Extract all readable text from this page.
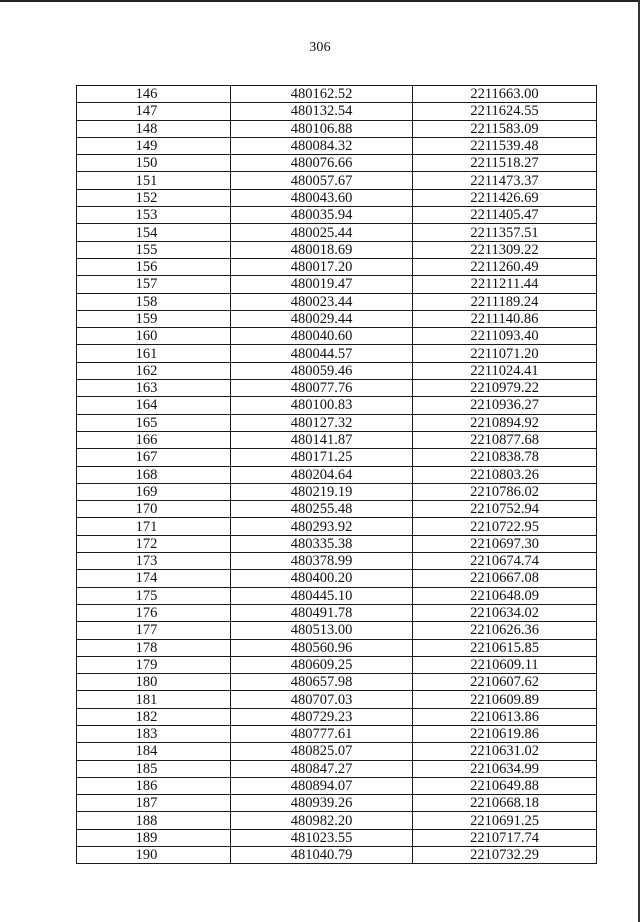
306
146	480162.52	2211663.00
147	480132.54	2211624.55
148	480106.88	2211583.09
149	480084.32	2211539.48
150	480076.66	2211518.27
151	480057.67	2211473.37
152	480043.60	2211426.69
153	480035.94	2211405.47
154	480025.44	2211357.51
155	480018.69	2211309.22
156	480017.20	2211260.49
157	480019.47	2211211.44
158	480023.44	2211189.24
159	480029.44	2211140.86
160	480040.60	2211093.40
161	480044.57	2211071.20
162	480059.46	2211024.41
163	480077.76	2210979.22
164	480100.83	2210936.27
165	480127.32	2210894.92
166	480141.87	2210877.68
167	480171.25	2210838.78
168	480204.64	2210803.26
169	480219.19	2210786.02
170	480255.48	2210752.94
171	480293.92	2210722.95
172	480335.38	2210697.30
173	480378.99	2210674.74
174	480400.20	2210667.08
175	480445.10	2210648.09
176	480491.78	2210634.02
177	480513.00	2210626.36
178	480560.96	2210615.85
179	480609.25	2210609.11
180	480657.98	2210607.62
181	480707.03	2210609.89
182	480729.23	2210613.86
183	480777.61	2210619.86
184	480825.07	2210631.02
185	480847.27	2210634.99
186	480894.07	2210649.88
187	480939.26	2210668.18
188	480982.20	2210691.25
189	481023.55	2210717.74
190	481040.79	2210732.29
